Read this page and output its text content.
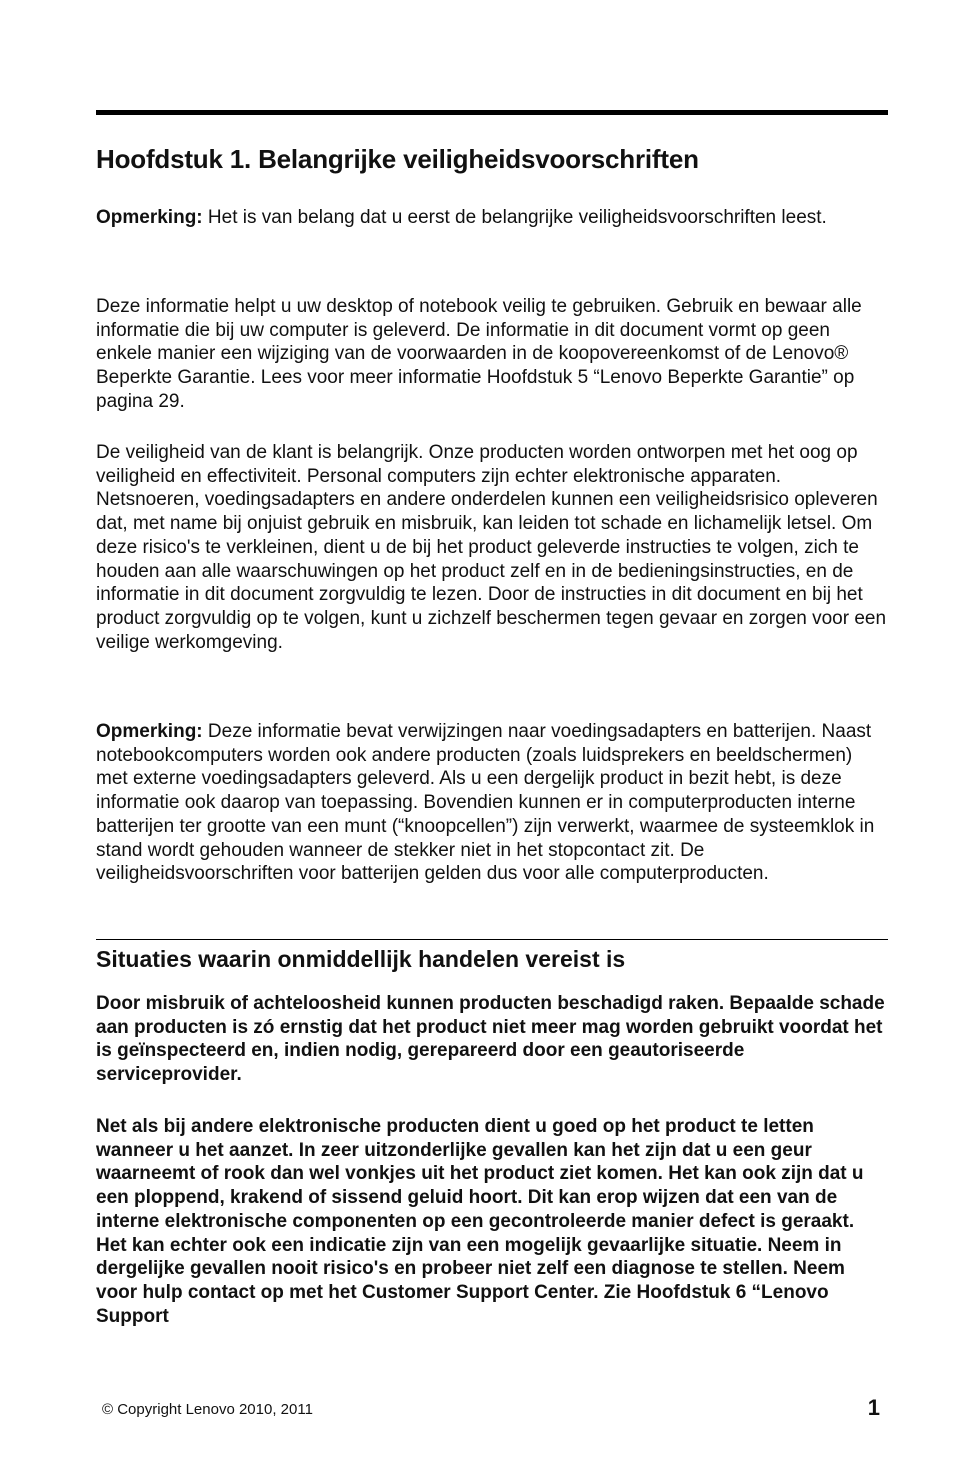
Hoofdstuk 1. Belangrijke veiligheidsvoorschriften

Opmerking: Het is van belang dat u eerst de belangrijke veiligheidsvoorschriften leest.

Deze informatie helpt u uw desktop of notebook veilig te gebruiken. Gebruik en bewaar alle informatie die bij uw computer is geleverd. De informatie in dit document vormt op geen enkele manier een wijziging van de voorwaarden in de koopovereenkomst of de Lenovo® Beperkte Garantie. Lees voor meer informatie Hoofdstuk 5 “Lenovo Beperkte Garantie” op pagina 29.

De veiligheid van de klant is belangrijk. Onze producten worden ontworpen met het oog op veiligheid en effectiviteit. Personal computers zijn echter elektronische apparaten. Netsnoeren, voedingsadapters en andere onderdelen kunnen een veiligheidsrisico opleveren dat, met name bij onjuist gebruik en misbruik, kan leiden tot schade en lichamelijk letsel. Om deze risico's te verkleinen, dient u de bij het product geleverde instructies te volgen, zich te houden aan alle waarschuwingen op het product zelf en in de bedieningsinstructies, en de informatie in dit document zorgvuldig te lezen. Door de instructies in dit document en bij het product zorgvuldig op te volgen, kunt u zichzelf beschermen tegen gevaar en zorgen voor een veilige werkomgeving.

Opmerking: Deze informatie bevat verwijzingen naar voedingsadapters en batterijen. Naast notebookcomputers worden ook andere producten (zoals luidsprekers en beeldschermen) met externe voedingsadapters geleverd. Als u een dergelijk product in bezit hebt, is deze informatie ook daarop van toepassing. Bovendien kunnen er in computerproducten interne batterijen ter grootte van een munt (“knoopcellen”) zijn verwerkt, waarmee de systeemklok in stand wordt gehouden wanneer de stekker niet in het stopcontact zit. De veiligheidsvoorschriften voor batterijen gelden dus voor alle computerproducten.

Situaties waarin onmiddellijk handelen vereist is

Door misbruik of achteloosheid kunnen producten beschadigd raken. Bepaalde schade aan producten is zó ernstig dat het product niet meer mag worden gebruikt voordat het is geïnspecteerd en, indien nodig, gerepareerd door een geautoriseerde serviceprovider.

Net als bij andere elektronische producten dient u goed op het product te letten wanneer u het aanzet. In zeer uitzonderlijke gevallen kan het zijn dat u een geur waarneemt of rook dan wel vonkjes uit het product ziet komen. Het kan ook zijn dat u een ploppend, krakend of sissend geluid hoort. Dit kan erop wijzen dat een van de interne elektronische componenten op een gecontroleerde manier defect is geraakt. Het kan echter ook een indicatie zijn van een mogelijk gevaarlijke situatie. Neem in dergelijke gevallen nooit risico's en probeer niet zelf een diagnose te stellen. Neem voor hulp contact op met het Customer Support Center. Zie Hoofdstuk 6 “Lenovo Support

© Copyright Lenovo 2010, 2011	1
